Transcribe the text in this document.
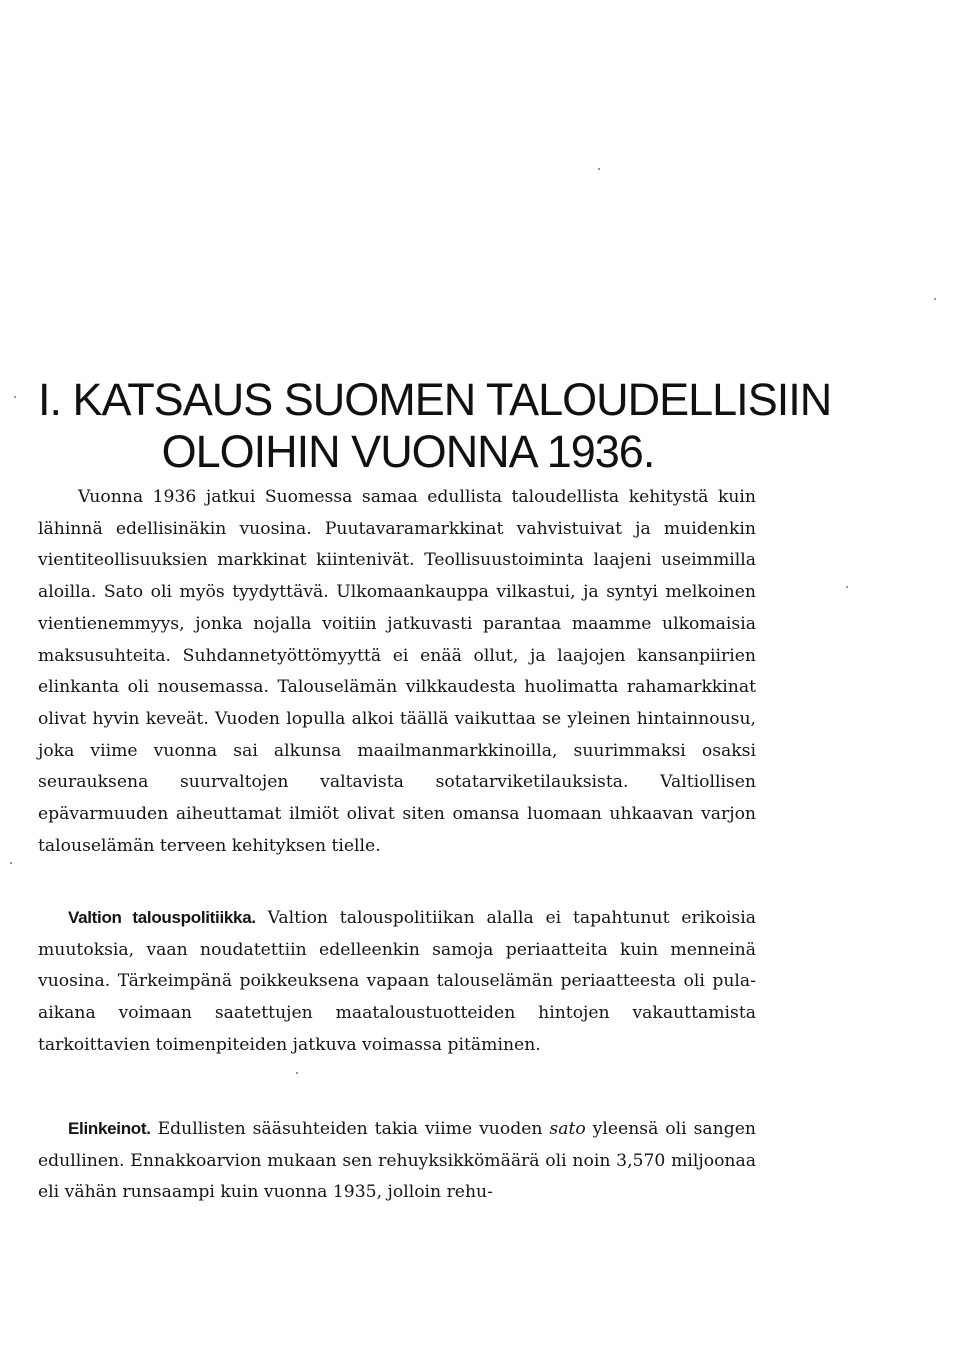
I. KATSAUS SUOMEN TALOUDELLISIIN
OLOIHIN VUONNA 1936.

Vuonna 1936 jatkui Suomessa samaa edullista taloudellista kehitystä kuin lähinnä edellisinäkin vuosina. Puutavaramarkkinat vahvistuivat ja muidenkin vientiteollisuuksien markkinat kiintenivät. Teollisuustoiminta laajeni useimmilla aloilla. Sato oli myös tyydyttävä. Ulkomaankauppa vilkastui, ja syntyi melkoinen vientienemmyys, jonka nojalla voitiin jatkuvasti parantaa maamme ulkomaisia maksusuhteita. Suhdannetyöttömyyttä ei enää ollut, ja laajojen kansanpiirien elinkanta oli nousemassa. Talouselämän vilkkaudesta huolimatta rahamarkkinat olivat hyvin keveät. Vuoden lopulla alkoi täällä vaikuttaa se yleinen hintainnousu, joka viime vuonna sai alkunsa maailmanmarkkinoilla, suurimmaksi osaksi seurauksena suurvaltojen valtavista sotatarviketilauksista. Valtiollisen epävarmuuden aiheuttamat ilmiöt olivat siten omansa luomaan uhkaavan varjon talouselämän terveen kehityksen tielle.

Valtion talouspolitiikka. Valtion talouspolitiikan alalla ei tapahtunut erikoisia muutoksia, vaan noudatettiin edelleenkin samoja periaatteita kuin menneinä vuosina. Tärkeimpänä poikkeuksena vapaan talouselämän periaatteesta oli pula-aikana voimaan saatettujen maataloustuotteiden hintojen vakauttamista tarkoittavien toimenpiteiden jatkuva voimassa pitäminen.

Elinkeinot. Edullisten sääsuhteiden takia viime vuoden sato yleensä oli sangen edullinen. Ennakkoarvion mukaan sen rehuyksikkömäärä oli noin 3,570 miljoonaa eli vähän runsaampi kuin vuonna 1935, jolloin rehu-
